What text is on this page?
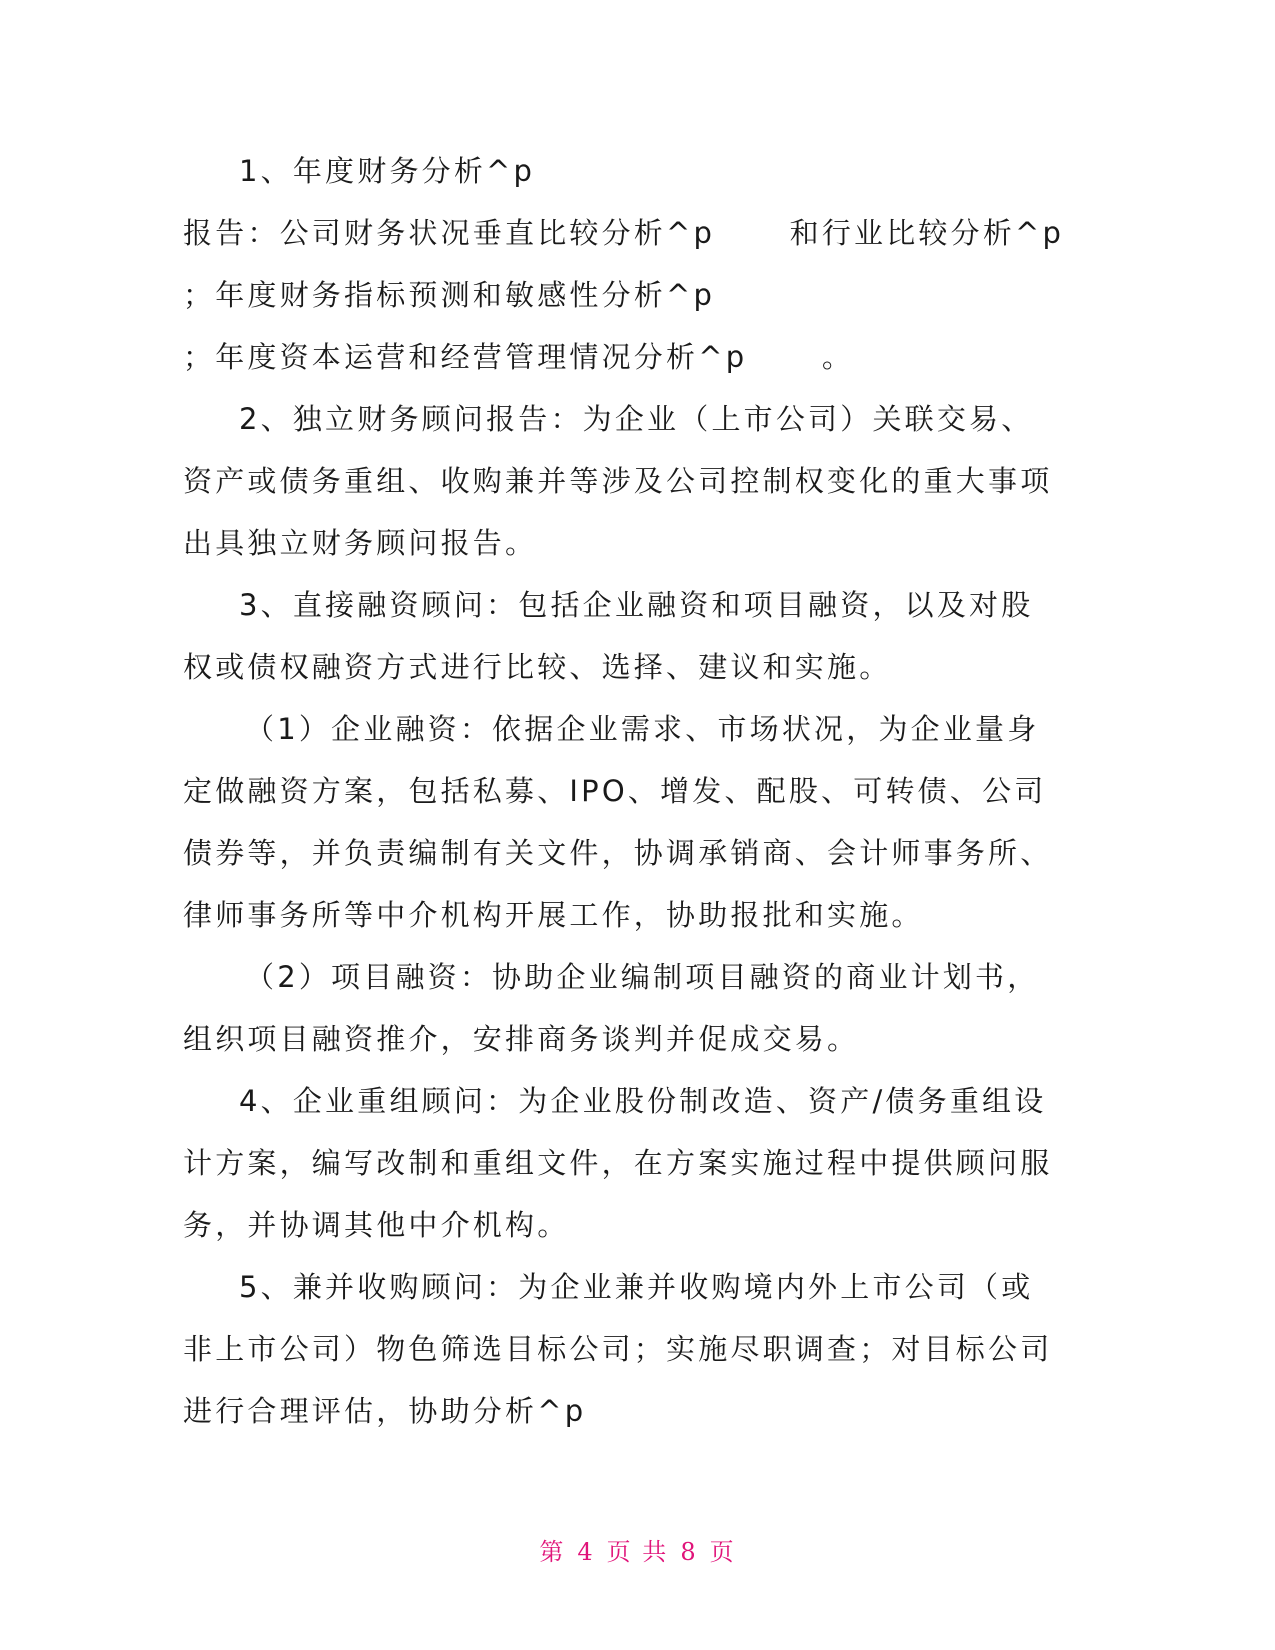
1、年度财务分析^p
报告：公司财务状况垂直比较分析^p      和行业比较分析^p
；年度财务指标预测和敏感性分析^p
；年度资本运营和经营管理情况分析^p      。
2、独立财务顾问报告：为企业（上市公司）关联交易、
资产或债务重组、收购兼并等涉及公司控制权变化的重大事项
出具独立财务顾问报告。
3、直接融资顾问：包括企业融资和项目融资，以及对股
权或债权融资方式进行比较、选择、建议和实施。
（1）企业融资：依据企业需求、市场状况，为企业量身
定做融资方案，包括私募、IPO、增发、配股、可转债、公司
债券等，并负责编制有关文件，协调承销商、会计师事务所、
律师事务所等中介机构开展工作，协助报批和实施。
（2）项目融资：协助企业编制项目融资的商业计划书，
组织项目融资推介，安排商务谈判并促成交易。
4、企业重组顾问：为企业股份制改造、资产/债务重组设
计方案，编写改制和重组文件，在方案实施过程中提供顾问服
务，并协调其他中介机构。
5、兼并收购顾问：为企业兼并收购境内外上市公司（或
非上市公司）物色筛选目标公司；实施尽职调查；对目标公司
进行合理评估，协助分析^p
第 4 页 共 8 页
